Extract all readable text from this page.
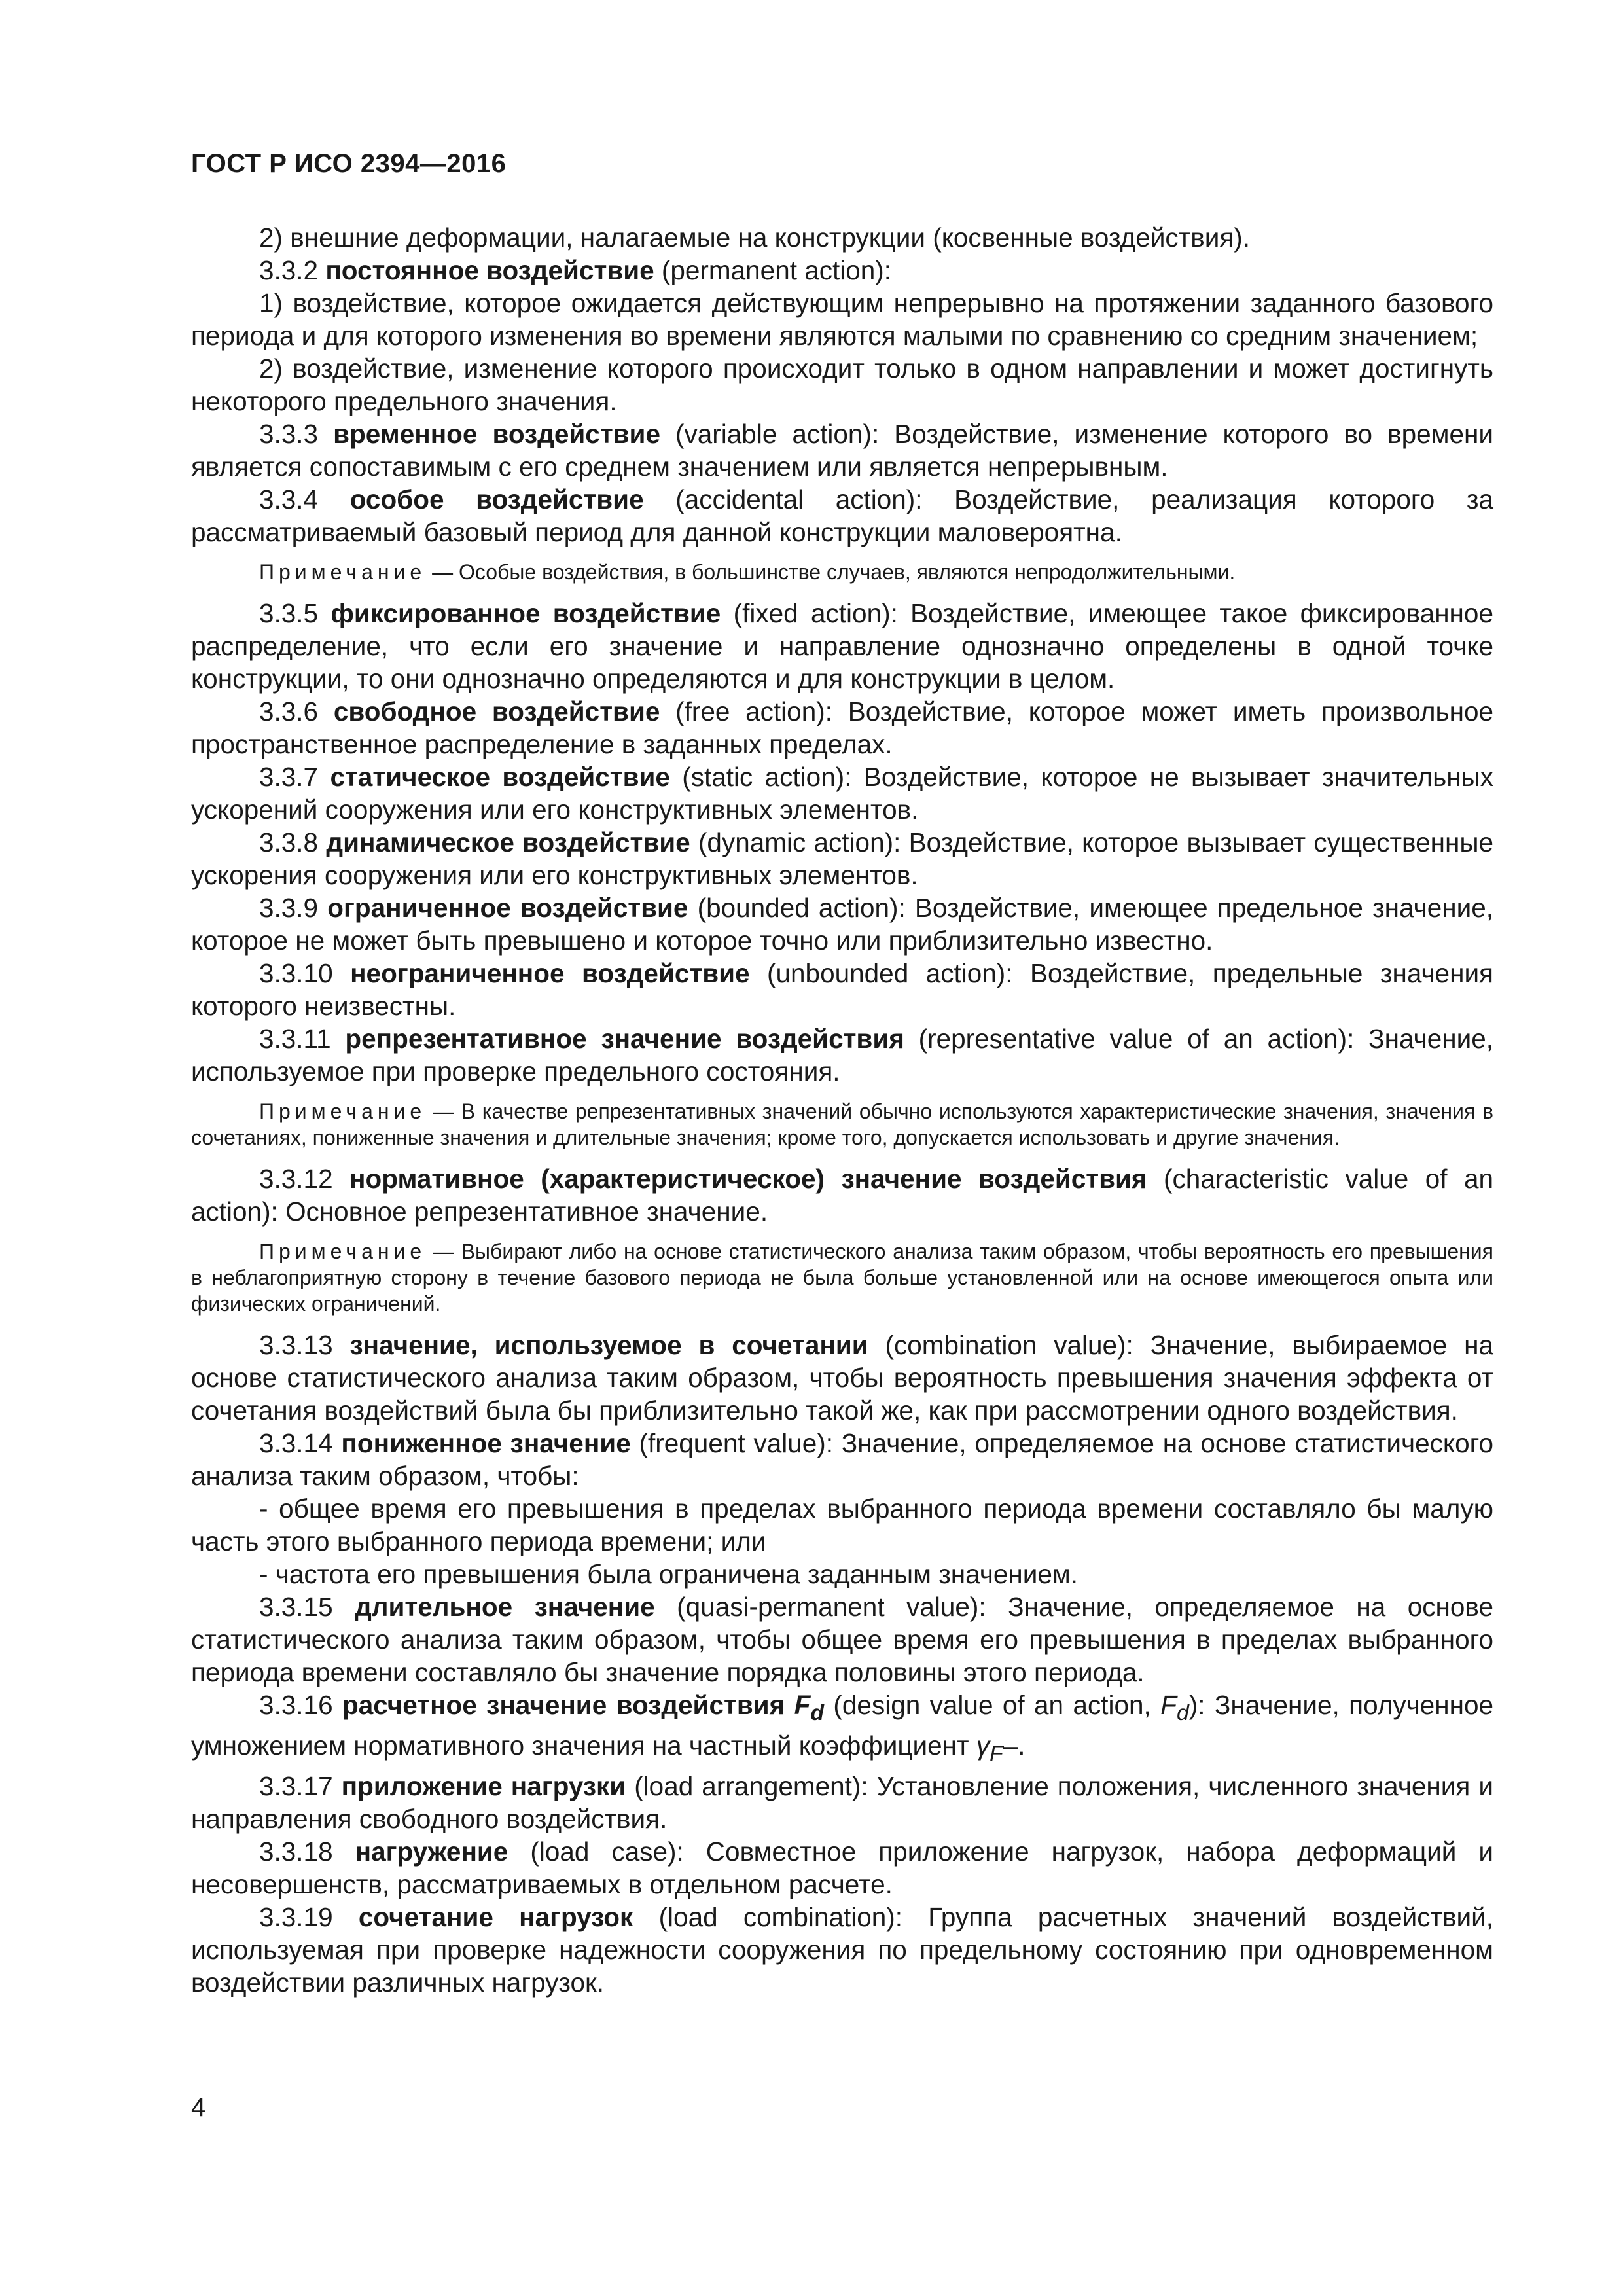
ГОСТ Р ИСО 2394—2016

2) внешние деформации, налагаемые на конструкции (косвенные воздействия).

3.3.2 постоянное воздействие (permanent action):

1) воздействие, которое ожидается действующим непрерывно на протяжении заданного базового периода и для которого изменения во времени являются малыми по сравнению со средним значением;

2) воздействие, изменение которого происходит только в одном направлении и может достигнуть некоторого предельного значения.

3.3.3 временное воздействие (variable action): Воздействие, изменение которого во времени является сопоставимым с его среднем значением или является непрерывным.

3.3.4 особое воздействие (accidental action): Воздействие, реализация которого за рассматриваемый базовый период для данной конструкции маловероятна.

Примечание — Особые воздействия, в большинстве случаев, являются непродолжительными.

3.3.5 фиксированное воздействие (fixed action): Воздействие, имеющее такое фиксированное распределение, что если его значение и направление однозначно определены в одной точке конструкции, то они однозначно определяются и для конструкции в целом.

3.3.6 свободное воздействие (free action): Воздействие, которое может иметь произвольное пространственное распределение в заданных пределах.

3.3.7 статическое воздействие (static action): Воздействие, которое не вызывает значительных ускорений сооружения или его конструктивных элементов.

3.3.8 динамическое воздействие (dynamic action): Воздействие, которое вызывает существенные ускорения сооружения или его конструктивных элементов.

3.3.9 ограниченное воздействие (bounded action): Воздействие, имеющее предельное значение, которое не может быть превышено и которое точно или приблизительно известно.

3.3.10 неограниченное воздействие (unbounded action): Воздействие, предельные значения которого неизвестны.

3.3.11 репрезентативное значение воздействия (representative value of an action): Значение, используемое при проверке предельного состояния.

Примечание — В качестве репрезентативных значений обычно используются характеристические значения, значения в сочетаниях, пониженные значения и длительные значения; кроме того, допускается использовать и другие значения.

3.3.12 нормативное (характеристическое) значение воздействия (characteristic value of an action): Основное репрезентативное значение.

Примечание — Выбирают либо на основе статистического анализа таким образом, чтобы вероятность его превышения в неблагоприятную сторону в течение базового периода не была больше установленной или на основе имеющегося опыта или физических ограничений.

3.3.13 значение, используемое в сочетании (combination value): Значение, выбираемое на основе статистического анализа таким образом, чтобы вероятность превышения значения эффекта от сочетания воздействий была бы приблизительно такой же, как при рассмотрении одного воздействия.

3.3.14 пониженное значение (frequent value): Значение, определяемое на основе статистического анализа таким образом, чтобы:

- общее время его превышения в пределах выбранного периода времени составляло бы малую часть этого выбранного периода времени; или

- частота его превышения была ограничена заданным значением.

3.3.15 длительное значение (quasi-permanent value): Значение, определяемое на основе статистического анализа таким образом, чтобы общее время его превышения в пределах выбранного периода времени составляло бы значение порядка половины этого периода.

3.3.16 расчетное значение воздействия $F_d$ (design value of an action, $F_d$): Значение, полученное умножением нормативного значения на частный коэффициент $\gamma_F-$.

3.3.17 приложение нагрузки (load arrangement): Установление положения, численного значения и направления свободного воздействия.

3.3.18 нагружение (load case): Совместное приложение нагрузок, набора деформаций и несовершенств, рассматриваемых в отдельном расчете.

3.3.19 сочетание нагрузок (load combination): Группа расчетных значений воздействий, используемая при проверке надежности сооружения по предельному состоянию при одновременном воздействии различных нагрузок.

4
